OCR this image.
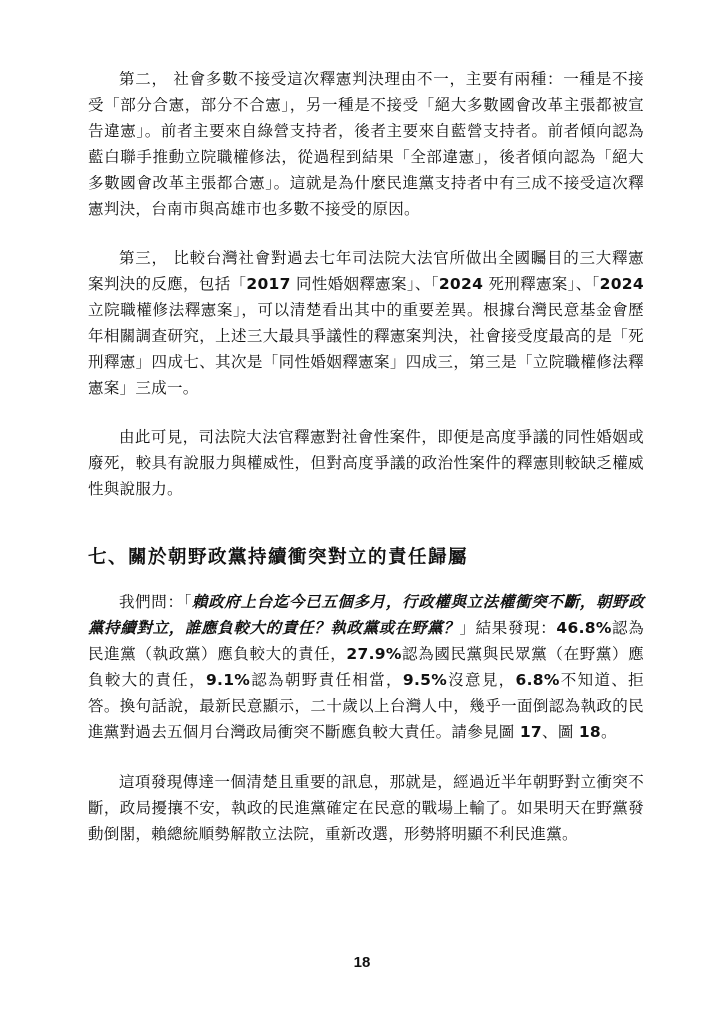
第二， 社會多數不接受這次釋憲判決理由不一，主要有兩種：一種是不接受「部分合憲，部分不合憲」，另一種是不接受「絕大多數國會改革主張都被宣告違憲」。前者主要來自綠營支持者，後者主要來自藍營支持者。前者傾向認為藍白聯手推動立院職權修法，從過程到結果「全部違憲」，後者傾向認為「絕大多數國會改革主張都合憲」。這就是為什麼民進黨支持者中有三成不接受這次釋憲判決，台南市與高雄市也多數不接受的原因。

第三， 比較台灣社會對過去七年司法院大法官所做出全國矚目的三大釋憲案判決的反應，包括「2017 同性婚姻釋憲案」、「2024 死刑釋憲案」、「2024 立院職權修法釋憲案」，可以清楚看出其中的重要差異。根據台灣民意基金會歷年相關調查研究，上述三大最具爭議性的釋憲案判決，社會接受度最高的是「死刑釋憲」四成七、其次是「同性婚姻釋憲案」四成三，第三是「立院職權修法釋憲案」三成一。

由此可見，司法院大法官釋憲對社會性案件，即便是高度爭議的同性婚姻或廢死，較具有說服力與權威性，但對高度爭議的政治性案件的釋憲則較缺乏權威性與說服力。

七、關於朝野政黨持續衝突對立的責任歸屬

我們問：「賴政府上台迄今已五個多月，行政權與立法權衝突不斷，朝野政黨持續對立，誰應負較大的責任？執政黨或在野黨？」結果發現：46.8%認為民進黨（執政黨）應負較大的責任，27.9%認為國民黨與民眾黨（在野黨）應負較大的責任，9.1%認為朝野責任相當，9.5%沒意見，6.8%不知道、拒答。換句話說，最新民意顯示，二十歲以上台灣人中，幾乎一面倒認為執政的民進黨對過去五個月台灣政局衝突不斷應負較大責任。請參見圖 17、圖 18。

這項發現傳達一個清楚且重要的訊息，那就是，經過近半年朝野對立衝突不斷，政局擾攘不安，執政的民進黨確定在民意的戰場上輸了。如果明天在野黨發動倒閣，賴總統順勢解散立法院，重新改選，形勢將明顯不利民進黨。

18
